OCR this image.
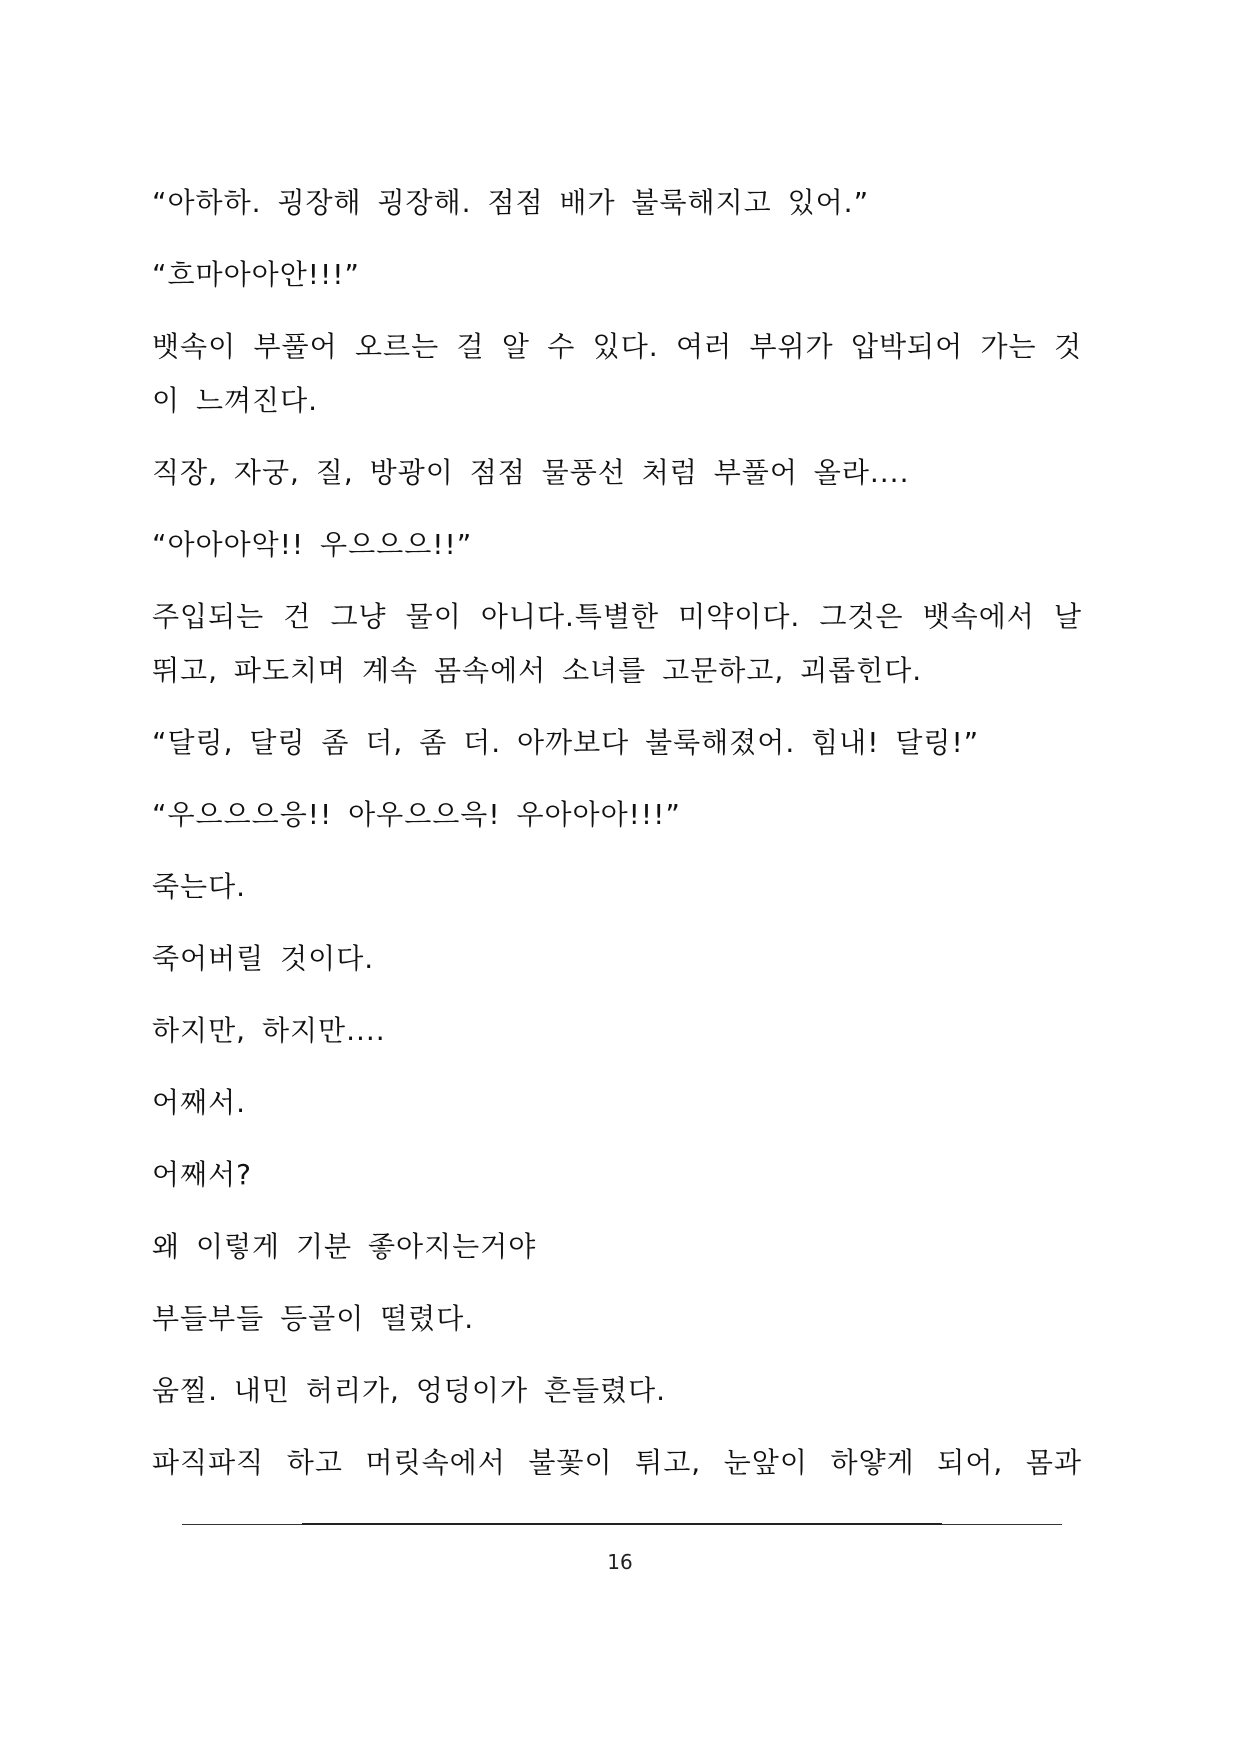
“아하하. 굉장해 굉장해. 점점 배가 불룩해지고 있어.”

“흐마아아안!!!”

뱃속이 부풀어 오르는 걸 알 수 있다. 여러 부위가 압박되어 가는 것이 느껴진다.

직장, 자궁, 질, 방광이 점점 물풍선 처럼 부풀어 올라....

“아아아악!! 우으으으!!”

주입되는 건 그냥 물이 아니다.특별한 미약이다. 그것은 뱃속에서 날뛰고, 파도치며 계속 몸속에서 소녀를 고문하고, 괴롭힌다.

“달링, 달링 좀 더, 좀 더. 아까보다 불룩해졌어. 힘내! 달링!”

“우으으으응!! 아우으으윽! 우아아아!!!”

죽는다.

죽어버릴 것이다.

하지만, 하지만....

어째서.

어째서?

왜 이렇게 기분 좋아지는거야

부들부들 등골이 떨렸다.

움찔. 내민 허리가, 엉덩이가 흔들렸다.

파직파직 하고 머릿속에서 불꽃이 튀고, 눈앞이 하얗게 되어, 몸과

16
